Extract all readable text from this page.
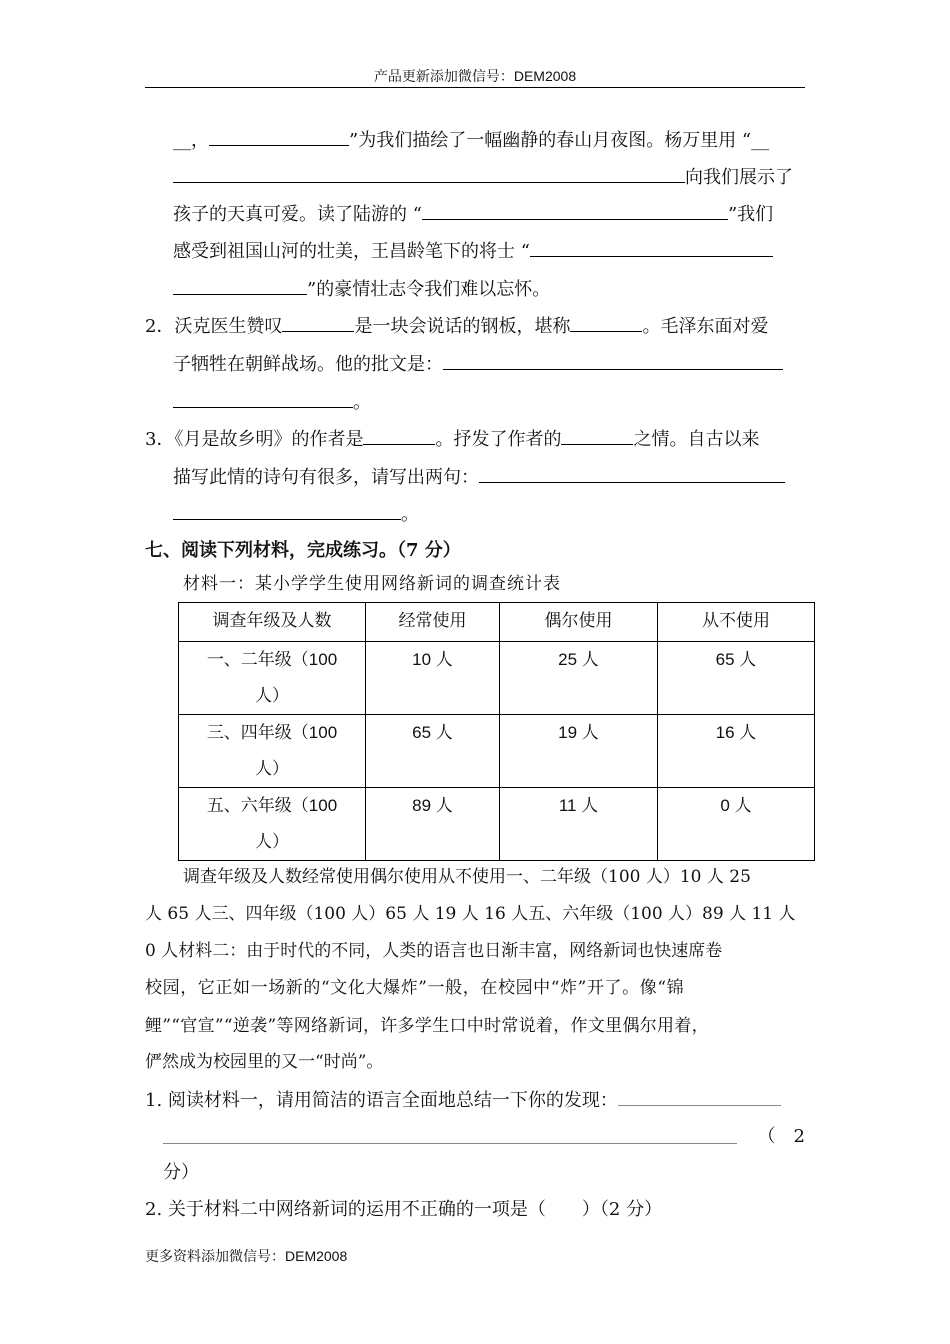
产品更新添加微信号：DEM2008
__，	”为我们描绘了一幅幽静的春山月夜图。杨万里用 “__
向我们展示了
孩子的天真可爱。读了陆游的 “	”我们
感受到祖国山河的壮美，王昌龄笔下的将士 “
”的豪情壮志令我们难以忘怀。
2．沃克医生赞叹	是一块会说话的钢板，堪称	。毛泽东面对爱
子牺牲在朝鲜战场。他的批文是：
。
3．《月是故乡明》的作者是	。抒发了作者的	之情。自古以来
描写此情的诗句有很多，请写出两句：
。
七、阅读下列材料，完成练习。（7 分）
材料一：某小学学生使用网络新词的调查统计表
调查年级及人数	经常使用	偶尔使用	从不使用

一、二年级（100
人）	10 人	25 人	65 人

三、四年级（100
人）	65 人	19 人	16 人

五、六年级（100
人）	89 人	11 人	0 人
调查年级及人数经常使用偶尔使用从不使用一、二年级（100 人）10 人 25
人 65 人三、四年级（100 人）65 人 19 人 16 人五、六年级（100 人）89 人 11 人
0 人材料二：由于时代的不同，人类的语言也日渐丰富，网络新词也快速席卷
校园，它正如一场新的“文化大爆炸”一般，在校园中“炸”开了。像“锦
鲤”“官宣”“逆袭”等网络新词，许多学生口中时常说着，作文里偶尔用着，
俨然成为校园里的又一“时尚”。
1. 阅读材料一，请用简洁的语言全面地总结一下你的发现：
（　2
分）
2. 关于材料二中网络新词的运用不正确的一项是（　　）（2 分）
更多资料添加微信号：DEM2008
